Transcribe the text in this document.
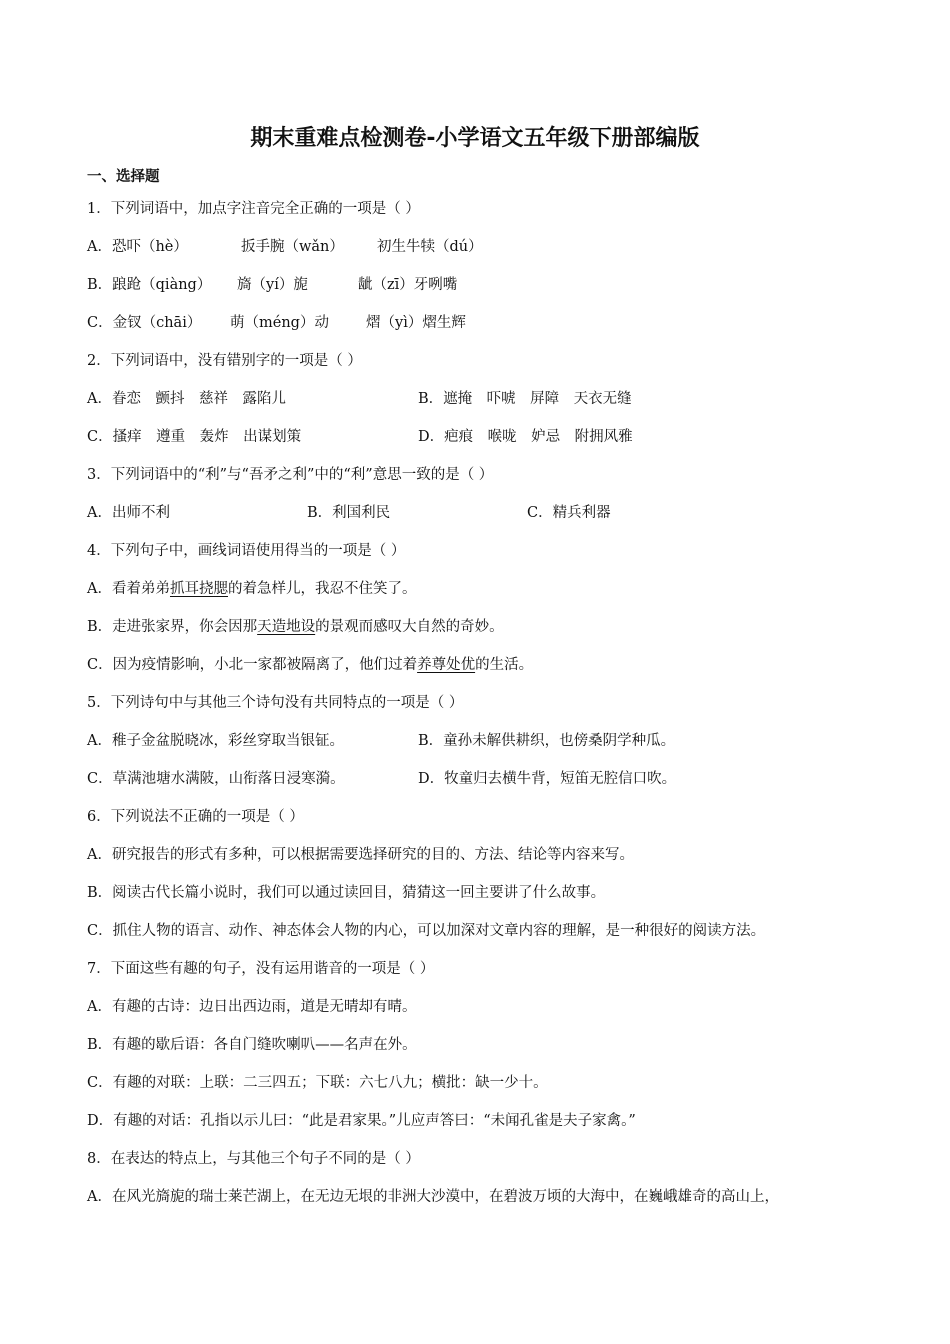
期末重难点检测卷-小学语文五年级下册部编版
一、选择题
1．下列词语中，加点字注音完全正确的一项是（ ）
A．恐吓（hè）	扳手腕（wǎn） 初生牛犊（dú）
B．踉跄（qiàng） 旖（yí）旎	龇（zī）牙咧嘴
C．金钗（chāi） 萌（méng）动	熠（yì）熠生辉
2．下列词语中，没有错别字的一项是（ ）
A．眷恋　颤抖　慈祥　露陷儿	B．遮掩　吓唬　屏障　天衣无缝
C．搔痒　遵重　轰炸　出谋划策	D．疤痕　喉咙　妒忌　附拥风雅
3．下列词语中的“利”与“吾矛之利”中的“利”意思一致的是（ ）
A．出师不利	B．利国利民	C．精兵利器
4．下列句子中，画线词语使用得当的一项是（ ）
A．看着弟弟抓耳挠腮的着急样儿，我忍不住笑了。
B．走进张家界，你会因那天造地设的景观而感叹大自然的奇妙。
C．因为疫情影响，小北一家都被隔离了，他们过着养尊处优的生活。
5．下列诗句中与其他三个诗句没有共同特点的一项是（ ）
A．稚子金盆脱晓冰，彩丝穿取当银钲。	B．童孙未解供耕织，也傍桑阴学种瓜。
C．草满池塘水满陂，山衔落日浸寒漪。	D．牧童归去横牛背，短笛无腔信口吹。
6．下列说法不正确的一项是（ ）
A．研究报告的形式有多种，可以根据需要选择研究的目的、方法、结论等内容来写。
B．阅读古代长篇小说时，我们可以通过读回目，猜猜这一回主要讲了什么故事。
C．抓住人物的语言、动作、神态体会人物的内心，可以加深对文章内容的理解，是一种很好的阅读方法。
7．下面这些有趣的句子，没有运用谐音的一项是（ ）
A．有趣的古诗：边日出西边雨，道是无晴却有晴。
B．有趣的歇后语：各自门缝吹喇叭——名声在外。
C．有趣的对联：上联：二三四五；下联：六七八九；横批：缺一少十。
D．有趣的对话：孔指以示儿曰：“此是君家果。”儿应声答曰：“未闻孔雀是夫子家禽。”
8．在表达的特点上，与其他三个句子不同的是（ ）
A．在风光旖旎的瑞士莱芒湖上，在无边无垠的非洲大沙漠中，在碧波万顷的大海中，在巍峨雄奇的高山上，
